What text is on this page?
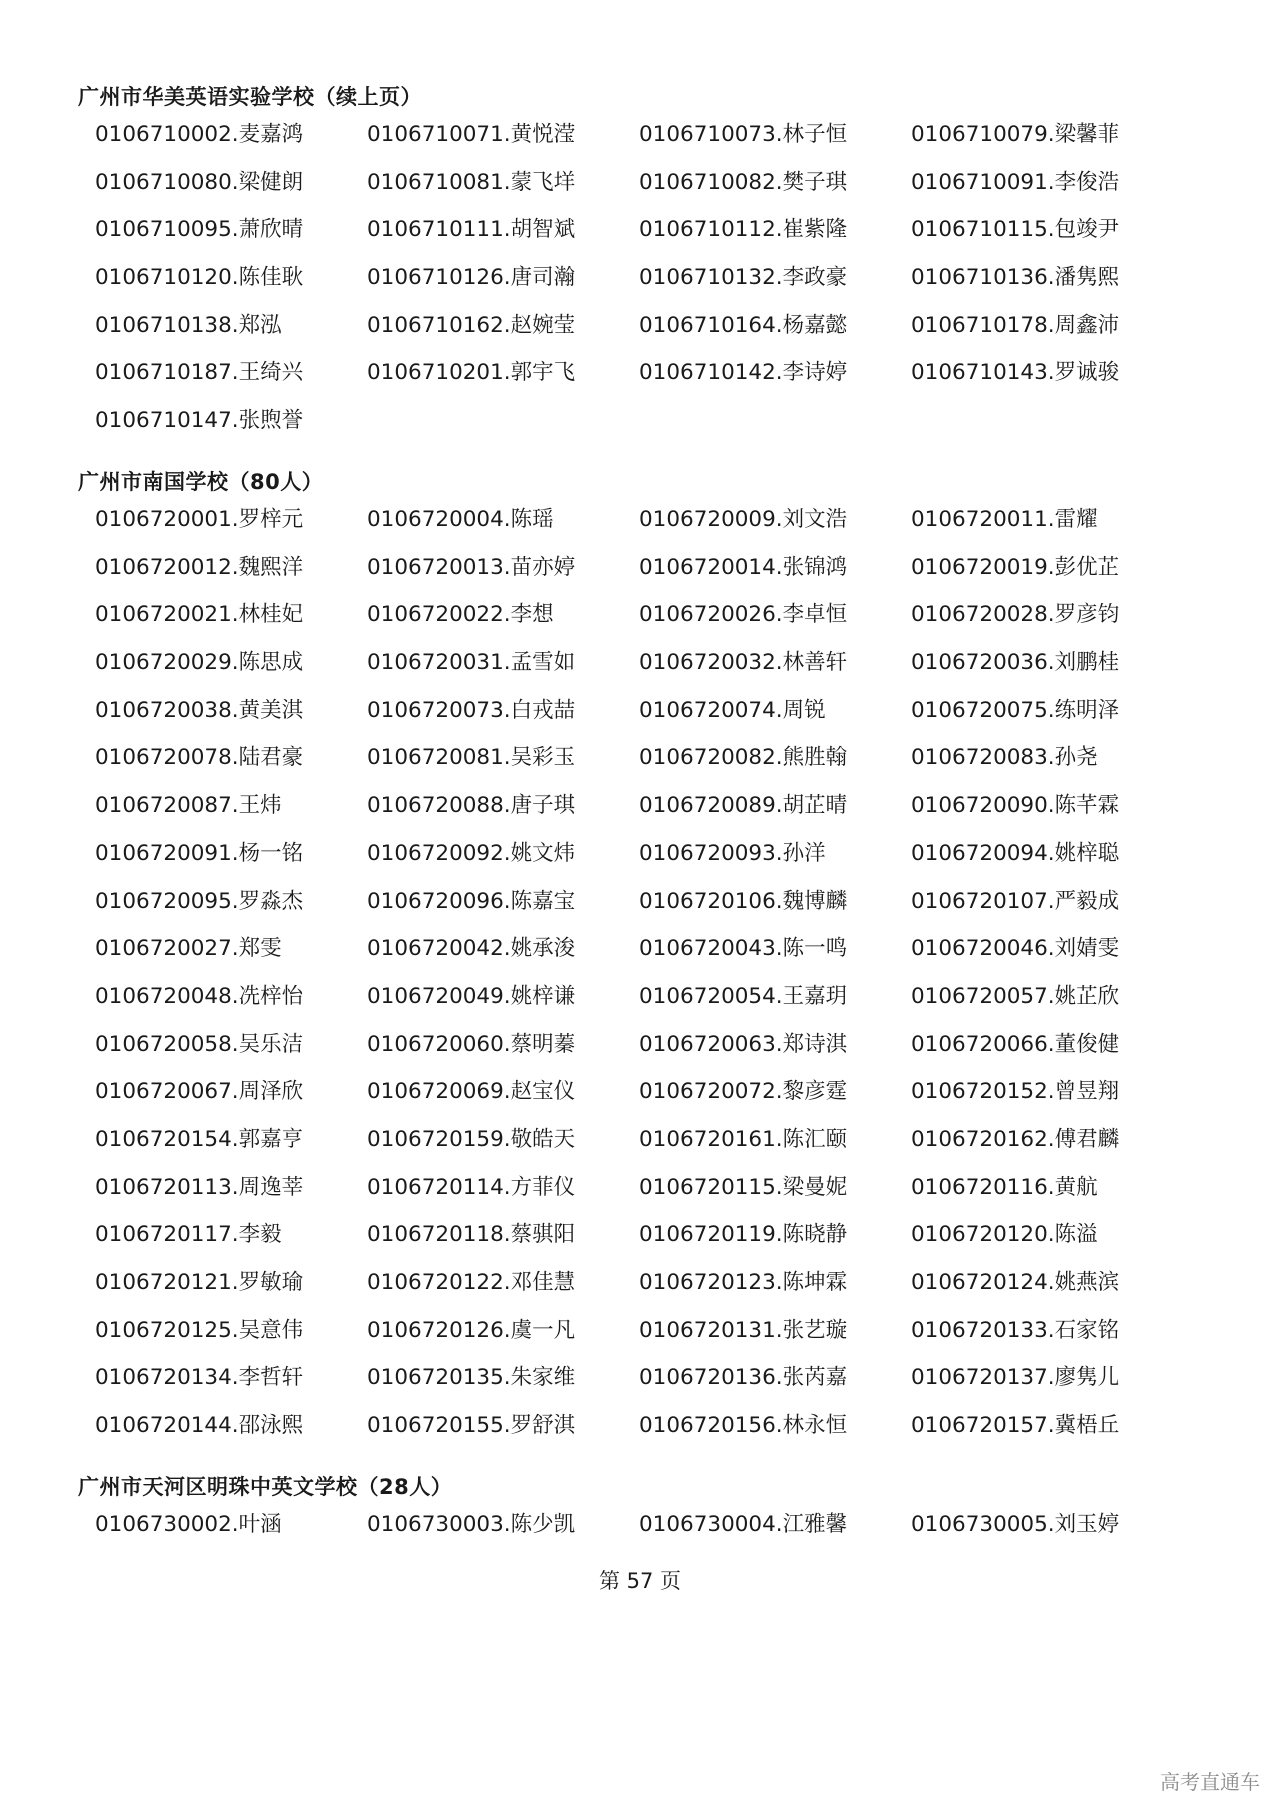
广州市华美英语实验学校（续上页）
0106710002.麦嘉鸿	0106710071.黄悦滢	0106710073.林子恒	0106710079.梁馨菲
0106710080.梁健朗	0106710081.蒙飞垟	0106710082.樊子琪	0106710091.李俊浩
0106710095.萧欣晴	0106710111.胡智斌	0106710112.崔紫隆	0106710115.包竣尹
0106710120.陈佳耿	0106710126.唐司瀚	0106710132.李政豪	0106710136.潘隽熙
0106710138.郑泓	0106710162.赵婉莹	0106710164.杨嘉懿	0106710178.周鑫沛
0106710187.王绮兴	0106710201.郭宇飞	0106710142.李诗婷	0106710143.罗诚骏
0106710147.张煦誉
广州市南国学校（80人）
0106720001.罗梓元	0106720004.陈瑶	0106720009.刘文浩	0106720011.雷耀
0106720012.魏熙洋	0106720013.苗亦婷	0106720014.张锦鸿	0106720019.彭优芷
0106720021.林桂妃	0106720022.李想	0106720026.李卓恒	0106720028.罗彦钧
0106720029.陈思成	0106720031.孟雪如	0106720032.林善轩	0106720036.刘鹏桂
0106720038.黄美淇	0106720073.白戎喆	0106720074.周锐	0106720075.练明泽
0106720078.陆君豪	0106720081.吴彩玉	0106720082.熊胜翰	0106720083.孙尧
0106720087.王炜	0106720088.唐子琪	0106720089.胡芷晴	0106720090.陈芊霖
0106720091.杨一铭	0106720092.姚文炜	0106720093.孙洋	0106720094.姚梓聪
0106720095.罗淼杰	0106720096.陈嘉宝	0106720106.魏博麟	0106720107.严毅成
0106720027.郑雯	0106720042.姚承浚	0106720043.陈一鸣	0106720046.刘婧雯
0106720048.冼梓怡	0106720049.姚梓谦	0106720054.王嘉玥	0106720057.姚芷欣
0106720058.吴乐洁	0106720060.蔡明蓁	0106720063.郑诗淇	0106720066.董俊健
0106720067.周泽欣	0106720069.赵宝仪	0106720072.黎彦霆	0106720152.曾昱翔
0106720154.郭嘉亨	0106720159.敬皓天	0106720161.陈汇颐	0106720162.傅君麟
0106720113.周逸莘	0106720114.方菲仪	0106720115.梁曼妮	0106720116.黄航
0106720117.李毅	0106720118.蔡骐阳	0106720119.陈晓静	0106720120.陈溢
0106720121.罗敏瑜	0106720122.邓佳慧	0106720123.陈坤霖	0106720124.姚燕滨
0106720125.吴意伟	0106720126.虞一凡	0106720131.张艺璇	0106720133.石家铭
0106720134.李哲轩	0106720135.朱家维	0106720136.张芮嘉	0106720137.廖隽儿
0106720144.邵泳熙	0106720155.罗舒淇	0106720156.林永恒	0106720157.冀梧丘
广州市天河区明珠中英文学校（28人）
0106730002.叶涵	0106730003.陈少凯	0106730004.江雅馨	0106730005.刘玉婷
第 57 页
高考直通车
